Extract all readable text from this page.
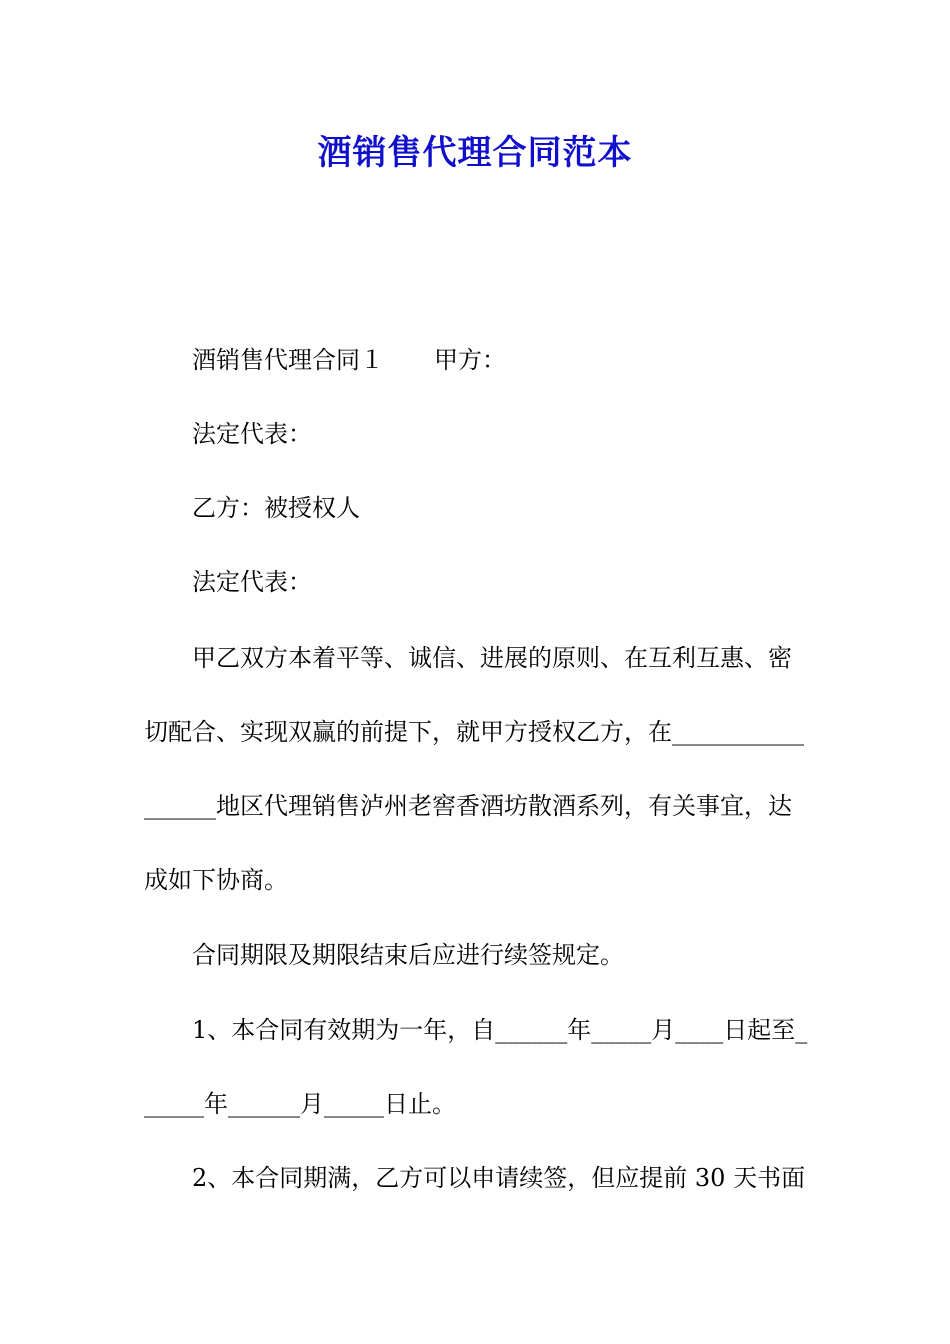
酒销售代理合同范本
酒销售代理合同１ 甲方：
法定代表：
乙方：被授权人
法定代表：
甲乙双方本着平等、诚信、进展的原则、在互利互惠、密
切配合、实现双赢的前提下，就甲方授权乙方，在___________
______地区代理销售泸州老窖香酒坊散酒系列，有关事宜，达
成如下协商。
合同期限及期限结束后应进行续签规定。
1、本合同有效期为一年，自______年_____月____日起至_
_____年______月_____日止。
2、本合同期满，乙方可以申请续签，但应提前 30 天书面
